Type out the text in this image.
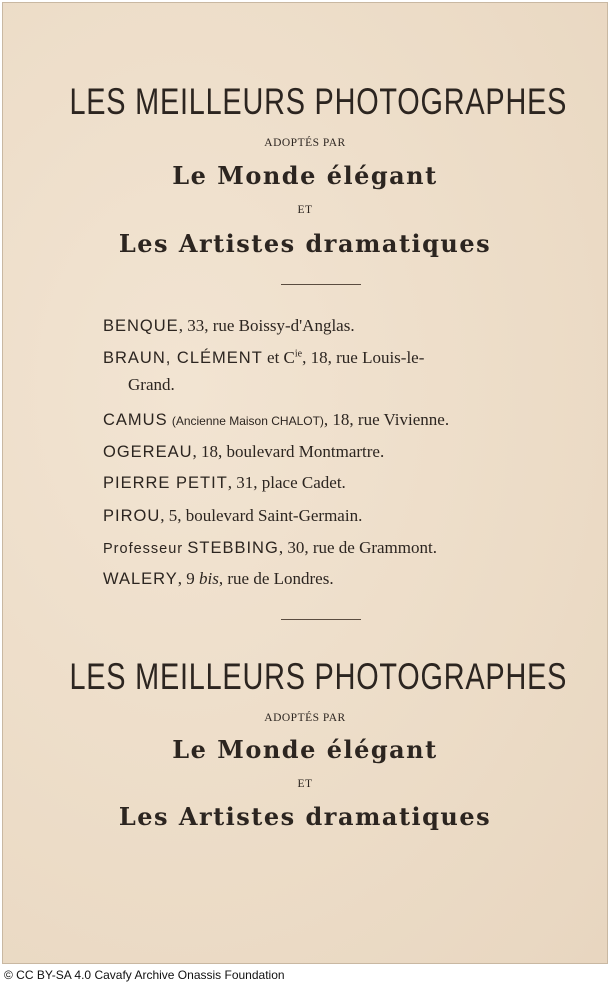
LES MEILLEURS PHOTOGRAPHES
ADOPTÉS PAR
Le Monde élégant
ET
Les Artistes dramatiques
BENQUE, 33, rue Boissy-d'Anglas.
BRAUN, CLÉMENT et $C^{ie}$, 18, rue Louis-le-
Grand.
CAMUS (Ancienne Maison CHALOT), 18, rue Vivienne.
OGEREAU, 18, boulevard Montmartre.
PIERRE PETIT, 31, place Cadet.
PIROU, 5, boulevard Saint-Germain.
Professeur STEBBING, 30, rue de Grammont.
WALERY, 9 bis, rue de Londres.
LES MEILLEURS PHOTOGRAPHES
ADOPTÉS PAR
Le Monde élégant
ET
Les Artistes dramatiques
© CC BY-SA 4.0 Cavafy Archive Onassis Foundation
